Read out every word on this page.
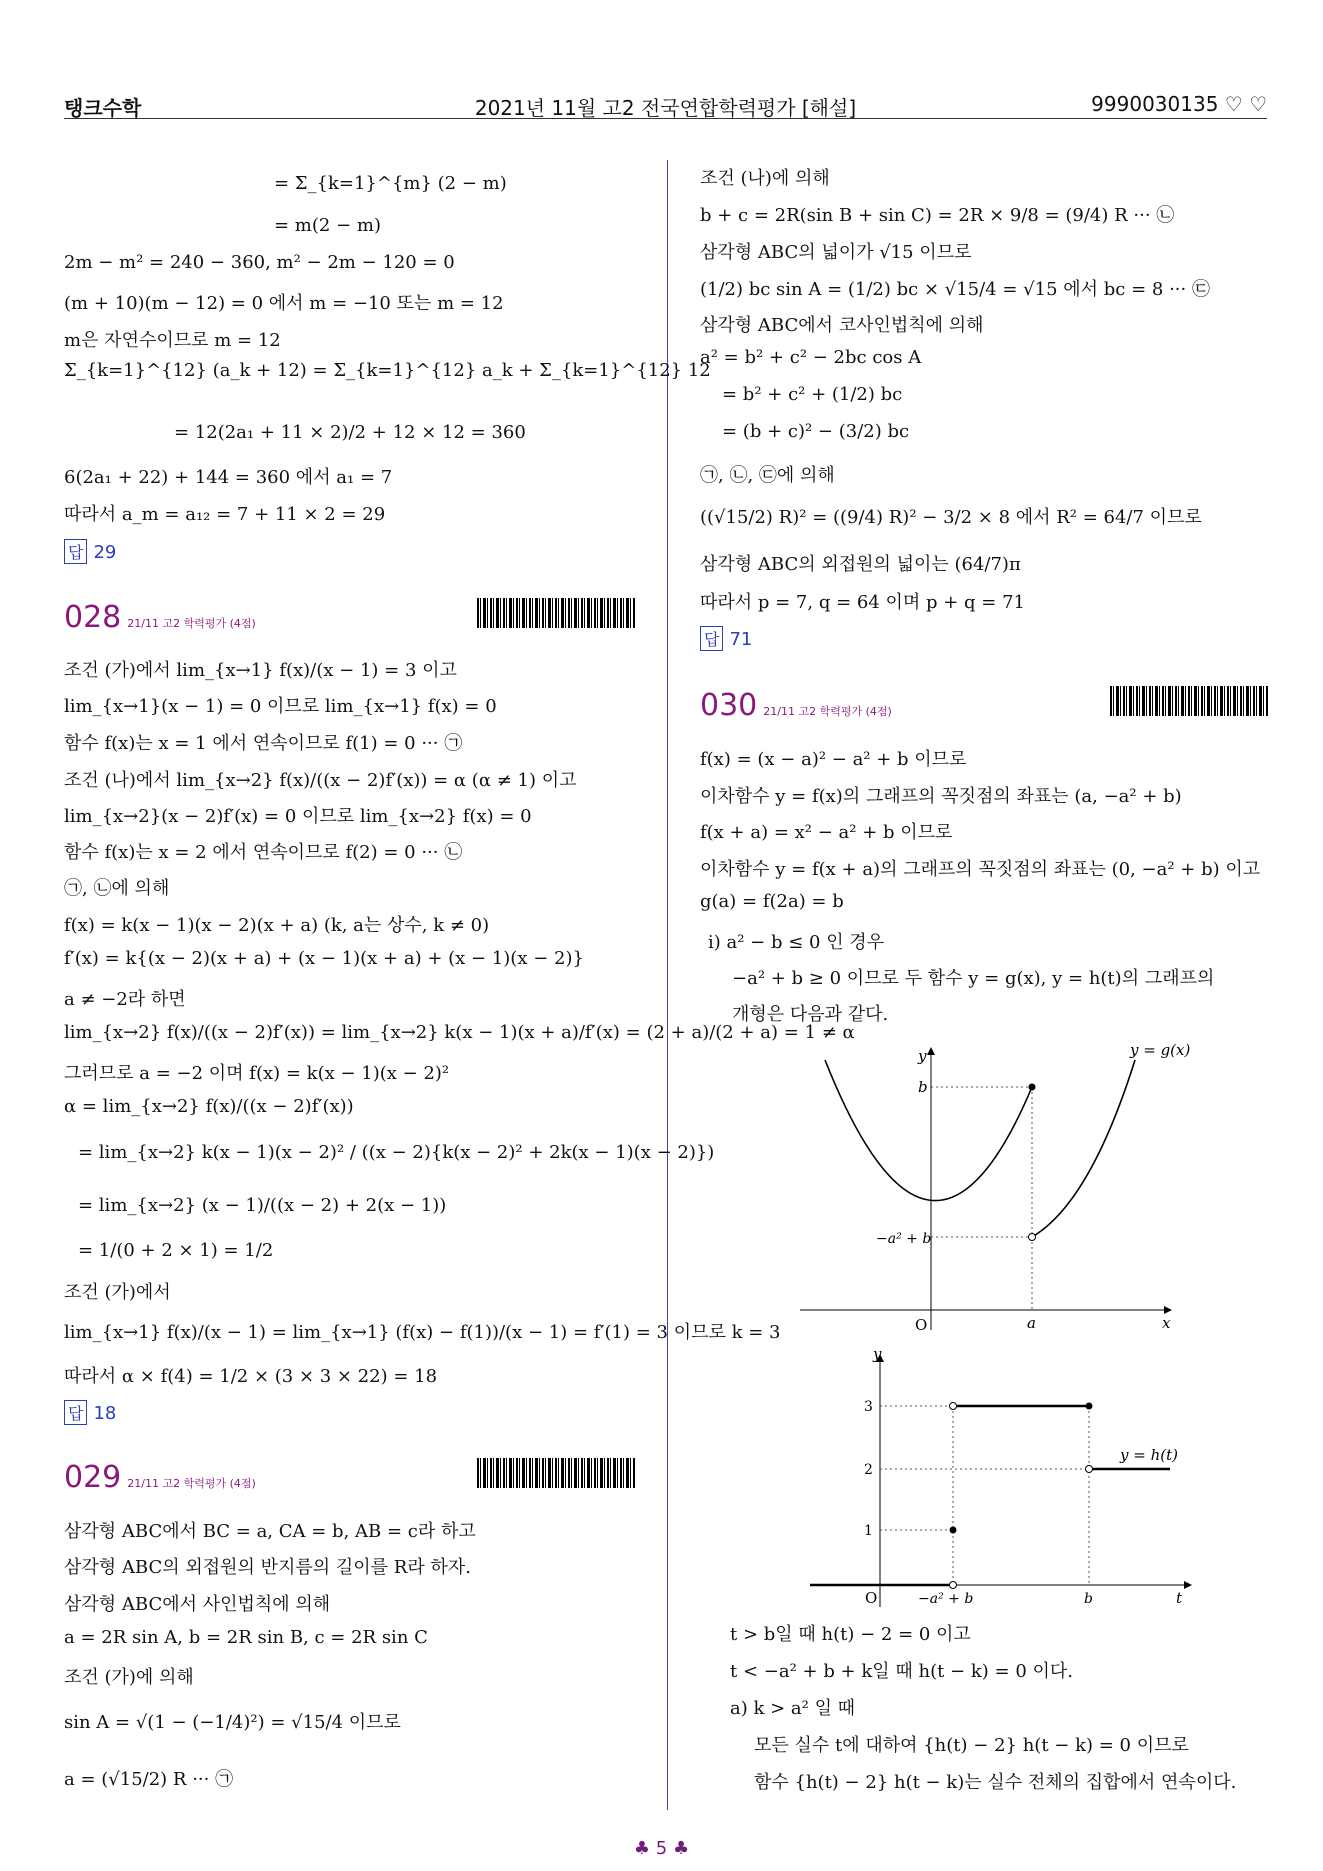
탱크수학	2021년 11월 고2 전국연합학력평가 [해설]	9990030135 ♡ ♡
= Σ_{k=1}^{m} (2 − m)
= m(2 − m)
2m − m² = 240 − 360, m² − 2m − 120 = 0
(m + 10)(m − 12) = 0 에서 m = −10 또는 m = 12
m은 자연수이므로 m = 12
Σ_{k=1}^{12} (a_k + 12) = Σ_{k=1}^{12} a_k + Σ_{k=1}^{12} 12
= 12(2a₁ + 11 × 2)/2 + 12 × 12 = 360
6(2a₁ + 22) + 144 = 360 에서 a₁ = 7
따라서 a_m = a₁₂ = 7 + 11 × 2 = 29
답 29
028 21/11 고2 학력평가 (4점)
조건 (가)에서 lim_{x→1} f(x)/(x − 1) = 3 이고
lim_{x→1}(x − 1) = 0 이므로 lim_{x→1} f(x) = 0
함수 f(x)는 x = 1 에서 연속이므로 f(1) = 0 ··· ㉠
조건 (나)에서 lim_{x→2} f(x)/((x − 2)f′(x)) = α (α ≠ 1) 이고
lim_{x→2}(x − 2)f′(x) = 0 이므로 lim_{x→2} f(x) = 0
함수 f(x)는 x = 2 에서 연속이므로 f(2) = 0 ··· ㉡
㉠, ㉡에 의해
f(x) = k(x − 1)(x − 2)(x + a) (k, a는 상수, k ≠ 0)
f′(x) = k{(x − 2)(x + a) + (x − 1)(x + a) + (x − 1)(x − 2)}
a ≠ −2라 하면
lim_{x→2} f(x)/((x − 2)f′(x)) = lim_{x→2} k(x − 1)(x + a)/f′(x) = (2 + a)/(2 + a) = 1 ≠ α
그러므로 a = −2 이며 f(x) = k(x − 1)(x − 2)²
α = lim_{x→2} f(x)/((x − 2)f′(x))
= lim_{x→2} k(x − 1)(x − 2)² / ((x − 2){k(x − 2)² + 2k(x − 1)(x − 2)})
= lim_{x→2} (x − 1)/((x − 2) + 2(x − 1))
= 1/(0 + 2 × 1) = 1/2
조건 (가)에서
lim_{x→1} f(x)/(x − 1) = lim_{x→1} (f(x) − f(1))/(x − 1) = f′(1) = 3 이므로 k = 3
따라서 α × f(4) = 1/2 × (3 × 3 × 22) = 18
답 18
029 21/11 고2 학력평가 (4점)
삼각형 ABC에서 BC = a, CA = b, AB = c라 하고
삼각형 ABC의 외접원의 반지름의 길이를 R라 하자.
삼각형 ABC에서 사인법칙에 의해
a = 2R sin A, b = 2R sin B, c = 2R sin C
조건 (가)에 의해
sin A = √(1 − (−1/4)²) = √15/4 이므로
a = (√15/2) R ··· ㉠
조건 (나)에 의해
b + c = 2R(sin B + sin C) = 2R × 9/8 = (9/4) R ··· ㉡
삼각형 ABC의 넓이가 √15 이므로
(1/2) bc sin A = (1/2) bc × √15/4 = √15 에서 bc = 8 ··· ㉢
삼각형 ABC에서 코사인법칙에 의해
a² = b² + c² − 2bc cos A
= b² + c² + (1/2) bc
= (b + c)² − (3/2) bc
㉠, ㉡, ㉢에 의해
((√15/2) R)² = ((9/4) R)² − 3/2 × 8 에서 R² = 64/7 이므로
삼각형 ABC의 외접원의 넓이는 (64/7)π
따라서 p = 7, q = 64 이며 p + q = 71
답 71
030 21/11 고2 학력평가 (4점)
f(x) = (x − a)² − a² + b 이므로
이차함수 y = f(x)의 그래프의 꼭짓점의 좌표는 (a, −a² + b)
f(x + a) = x² − a² + b 이므로
이차함수 y = f(x + a)의 그래프의 꼭짓점의 좌표는 (0, −a² + b) 이고
g(a) = f(2a) = b
ⅰ) a² − b ≤ 0 인 경우
−a² + b ≥ 0 이므로 두 함수 y = g(x), y = h(t)의 그래프의
개형은 다음과 같다.
t > b일 때 h(t) − 2 = 0 이고
t < −a² + b + k일 때 h(t − k) = 0 이다.
a) k > a² 일 때
모든 실수 t에 대하여 {h(t) − 2} h(t − k) = 0 이므로
함수 {h(t) − 2} h(t − k)는 실수 전체의 집합에서 연속이다.
y
x
O
y = g(x)
b
−a² + b
a
y
t
O
y = h(t)
3
2
1
−a² + b	b
♣ 5 ♣
